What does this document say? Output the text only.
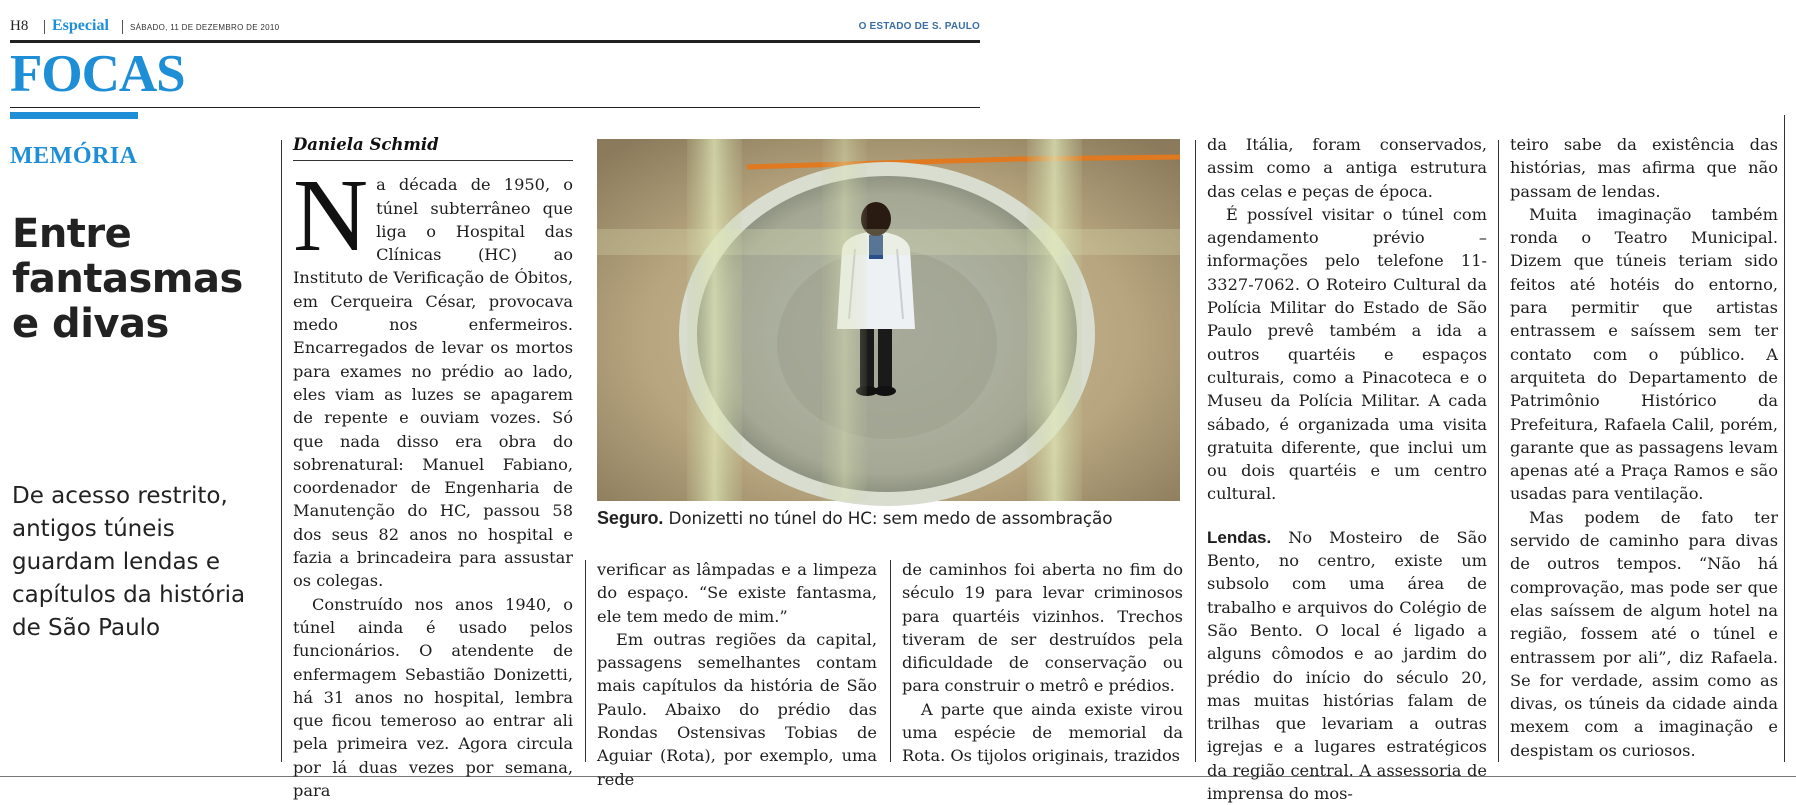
H8 Especial	SÁBADO, 11 DE DEZEMBRO DE 2010	O ESTADO DE S. PAULO
FOCAS
MEMÓRIA
Entre fantasmas e divas
De acesso restrito, antigos túneis guardam lendas e capítulos da história de São Paulo
Daniela Schmid

Na década de 1950, o túnel subterrâneo que liga o Hospital das Clínicas (HC) ao Instituto de Verificação de Óbitos, em Cerqueira César, provocava medo nos enfermeiros. Encarregados de levar os mortos para exames no prédio ao lado, eles viam as luzes se apagarem de repente e ouviam vozes. Só que nada disso era obra do sobrenatural: Manuel Fabiano, coordenador de Engenharia de Manutenção do HC, passou 58 dos seus 82 anos no hospital e fazia a brincadeira para assustar os colegas.

Construído nos anos 1940, o túnel ainda é usado pelos funcionários. O atendente de enfermagem Sebastião Donizetti, há 31 anos no hospital, lembra que ficou temeroso ao entrar ali pela primeira vez. Agora circula por lá duas vezes por semana, para

Seguro. Donizetti no túnel do HC: sem medo de assombração

verificar as lâmpadas e a limpeza do espaço. “Se existe fantasma, ele tem medo de mim.”

Em outras regiões da capital, passagens semelhantes contam mais capítulos da história de São Paulo. Abaixo do prédio das Rondas Ostensivas Tobias de Aguiar (Rota), por exemplo, uma rede

de caminhos foi aberta no fim do século 19 para levar criminosos para quartéis vizinhos. Trechos tiveram de ser destruídos pela dificuldade de conservação ou para construir o metrô e prédios.

A parte que ainda existe virou uma espécie de memorial da Rota. Os tijolos originais, trazidos

da Itália, foram conservados, assim como a antiga estrutura das celas e peças de época.

É possível visitar o túnel com agendamento prévio – informações pelo telefone 11-3327-7062. O Roteiro Cultural da Polícia Militar do Estado de São Paulo prevê também a ida a outros quartéis e espaços culturais, como a Pinacoteca e o Museu da Polícia Militar. A cada sábado, é organizada uma visita gratuita diferente, que inclui um ou dois quartéis e um centro cultural.

Lendas. No Mosteiro de São Bento, no centro, existe um subsolo com uma área de trabalho e arquivos do Colégio de São Bento. O local é ligado a alguns cômodos e ao jardim do prédio do início do século 20, mas muitas histórias falam de trilhas que levariam a outras igrejas e a lugares estratégicos da região central. A assessoria de imprensa do mos-

teiro sabe da existência das histórias, mas afirma que não passam de lendas.

Muita imaginação também ronda o Teatro Municipal. Dizem que túneis teriam sido feitos até hotéis do entorno, para permitir que artistas entrassem e saíssem sem ter contato com o público. A arquiteta do Departamento de Patrimônio Histórico da Prefeitura, Rafaela Calil, porém, garante que as passagens levam apenas até a Praça Ramos e são usadas para ventilação.

Mas podem de fato ter servido de caminho para divas de outros tempos. “Não há comprovação, mas pode ser que elas saíssem de algum hotel na região, fossem até o túnel e entrassem por ali”, diz Rafaela. Se for verdade, assim como as divas, os túneis da cidade ainda mexem com a imaginação e despistam os curiosos.
